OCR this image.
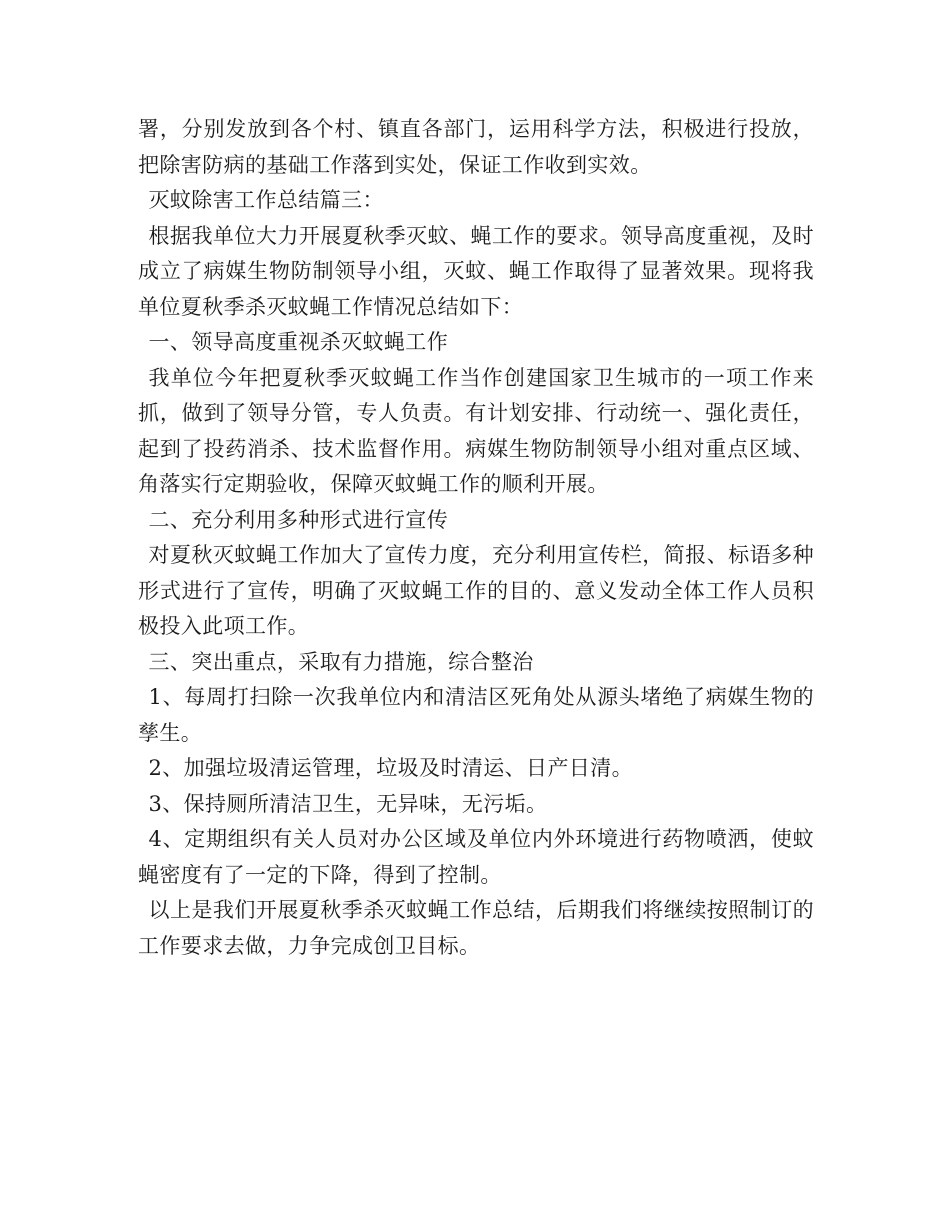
署，分别发放到各个村、镇直各部门，运用科学方法，积极进行投放，把除害防病的基础工作落到实处，保证工作收到实效。

灭蚊除害工作总结篇三：

根据我单位大力开展夏秋季灭蚊、蝇工作的要求。领导高度重视，及时成立了病媒生物防制领导小组，灭蚊、蝇工作取得了显著效果。现将我单位夏秋季杀灭蚊蝇工作情况总结如下：

一、领导高度重视杀灭蚊蝇工作

我单位今年把夏秋季灭蚊蝇工作当作创建国家卫生城市的一项工作来抓，做到了领导分管，专人负责。有计划安排、行动统一、强化责任，起到了投药消杀、技术监督作用。病媒生物防制领导小组对重点区域、角落实行定期验收，保障灭蚊蝇工作的顺利开展。

二、充分利用多种形式进行宣传

对夏秋灭蚊蝇工作加大了宣传力度，充分利用宣传栏，简报、标语多种形式进行了宣传，明确了灭蚊蝇工作的目的、意义发动全体工作人员积极投入此项工作。

三、突出重点，采取有力措施，综合整治

1、每周打扫除一次我单位内和清洁区死角处从源头堵绝了病媒生物的孳生。

2、加强垃圾清运管理，垃圾及时清运、日产日清。

3、保持厕所清洁卫生，无异味，无污垢。

4、定期组织有关人员对办公区域及单位内外环境进行药物喷洒，使蚊蝇密度有了一定的下降，得到了控制。

以上是我们开展夏秋季杀灭蚊蝇工作总结，后期我们将继续按照制订的工作要求去做，力争完成创卫目标。
